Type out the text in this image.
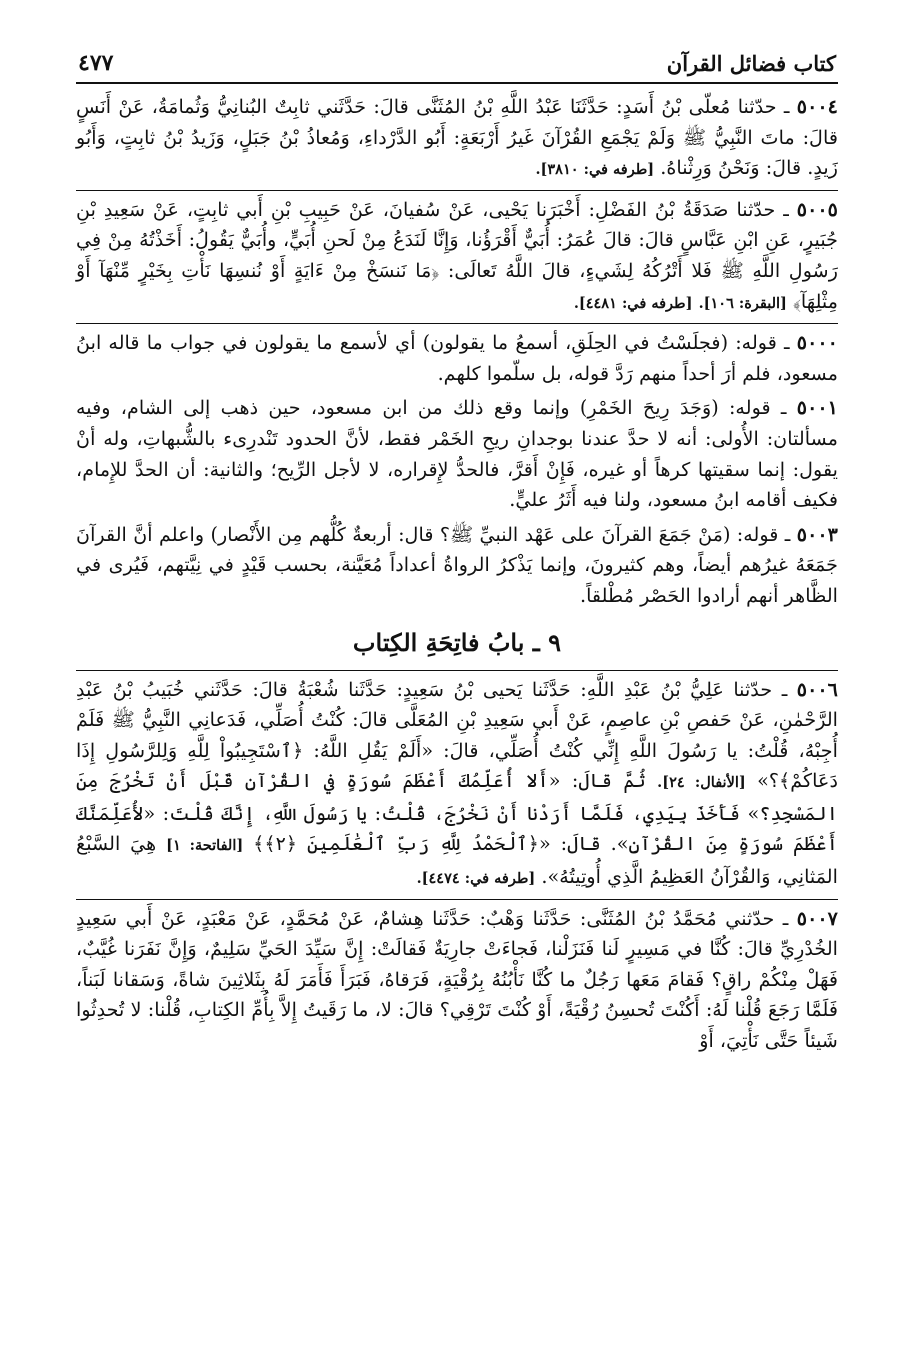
كتاب فضائل القرآن
٤٧٧

٥٠٠٤ ـ حدّثنا مُعلّى بْنُ أَسَدٍ: حَدَّثَنَا عَبْدُ اللَّهِ بْنُ المُثَنَّى قالَ: حَدَّثَني ثابِتٌ البُنانِيُّ وَثُمامَةُ، عَنْ أَنَسٍ قالَ: ماتَ النَّبِيُّ ﷺ وَلَمْ يَجْمَعِ القُرْآنَ غَيرُ أَرْبَعَةٍ: أَبُو الدَّرْداءِ، وَمُعاذُ بْنُ جَبَلٍ، وَزَيدُ بْنُ ثابِتٍ، وَأَبُو زَيدٍ. قالَ: وَنَحْنُ وَرِثْناهُ. [طرفه في: ٣٨١٠].

٥٠٠٥ ـ حدّثنا صَدَقَةُ بْنُ الفَضْلِ: أَخْبَرَنا يَحْيى، عَنْ سُفيانَ، عَنْ حَبِيبِ بْنِ أَبي ثابِتٍ، عَنْ سَعِيدِ بْنِ جُبَيرٍ، عَنِ ابْنِ عَبَّاسٍ قالَ: قالَ عُمَرُ: أُبَيٌّ أَقْرَؤُنا، وَإِنَّا لَنَدَعُ مِنْ لَحنِ أُبَيٍّ، وأُبَيٌّ يَقُولُ: أَخَذْتُهُ مِنْ فِي رَسُولِ اللَّهِ ﷺ فَلا أَتْرُكُهُ لِشَيءٍ، قالَ اللَّهُ تَعالَى: ﴿مَا نَنسَخْ مِنْ ءَايَةٍ أَوْ نُنسِهَا نَأْتِ بِخَيْرٍ مِّنْهَآ أَوْ مِثْلِهَآ﴾ [البقرة: ١٠٦]. [طرفه في: ٤٤٨١].

٥٠٠٠ ـ قوله: (فجلَسْتُ في الحِلَقِ، أسمعُ ما يقولون) أي لأسمع ما يقولون في جواب ما قاله ابنُ مسعود، فلم أرَ أحداً منهم رَدَّ قوله، بل سلّموا كلهم.

٥٠٠١ ـ قوله: (وَجَدَ رِيحَ الخَمْرِ) وإنما وقع ذلك من ابن مسعود، حين ذهب إلى الشام، وفيه مسألتان: الأُولى: أنه لا حدَّ عندنا بوجدانِ ريحِ الخَمْر فقط، لأنَّ الحدود تَنْدرِىء بالشُّبهاتِ، وله أنْ يقول: إنما سقيتها كرهاً أو غيره، فَإِنْ أَقرَّ، فالحدُّ لإِقراره، لا لأجل الرِّيح؛ والثانية: أن الحدَّ للإِمام، فكيف أقامه ابنُ مسعود، ولنا فيه أَثَرُ عليٍّ.

٥٠٠٣ ـ قوله: (مَنْ جَمَعَ القرآنَ على عَهْد النبيِّ ﷺ؟ قال: أربعةٌ كُلُّهم مِن الأَنْصار) واعلم أنَّ القرآنَ جَمَعَهُ غيرُهم أيضاً، وهم كثيرونَ، وإنما يَذْكرُ الرواةُ أعداداً مُعَيَّنة، بحسب قَيْدٍ في نِيَّتهم، فَيُرى في الظَّاهر أنهم أرادوا الحَصْر مُطْلقاً.

٩ ـ بابُ فاتِحَةِ الكِتاب

٥٠٠٦ ـ حدّثنا عَلِيُّ بْنُ عَبْدِ اللَّهِ: حَدَّثَنا يَحيى بْنُ سَعِيدٍ: حَدَّثَنا شُعْبَةُ قالَ: حَدَّثَني خُبَيبُ بْنُ عَبْدِ الرَّحْمٰنِ، عَنْ حَفصِ بْنِ عاصِمٍ، عَنْ أَبي سَعِيدِ بْنِ المُعَلَّى قالَ: كُنْتُ أُصَلِّي، فَدَعانِي النَّبِيُّ ﷺ فَلَمْ أُجِبْهُ، قُلْتُ: يا رَسُولَ اللَّهِ إِنِّي كُنْتُ أُصَلِّي، قالَ: «أَلَمْ يَقُلِ اللَّهُ: ﴿ٱسْتَجِيبُواْ لِلَّهِ وَلِلرَّسُولِ إِذَا دَعَاكُمْ﴾؟» [الأنفال: ٢٤]. ثُمَّ قالَ: «أَلا أُعَلِّمُكَ أَعْظَمَ سُورَةٍ في القُرْآنِ قَبْلَ أَنْ تَخْرُجَ مِنَ المَسْجِدِ؟» فَأَخَذَ بِيَدِي، فَلَمَّا أَرَدْنا أَنْ نَخْرُجَ، قُلْتُ: يا رَسُولَ اللَّهِ، إِنَّكَ قُلْتَ: «لأُعَلِّمَنَّكَ أَعْظَمَ سُورَةٍ مِنَ القُرْآنِ». قالَ: «﴿ٱلْحَمْدُ لِلَّهِ رَبِّ ٱلْعَٰلَمِينَ ﴿٢﴾﴾ [الفاتحة: ١] هِيَ السَّبْعُ المَثانِي، وَالقُرْآنُ العَظِيمُ الَّذِي أُوتِيتُهُ». [طرفه في: ٤٤٧٤].

٥٠٠٧ ـ حدّثني مُحَمَّدُ بْنُ المُثَنَّى: حَدَّثَنا وَهْبٌ: حَدَّثَنا هِشامٌ، عَنْ مُحَمَّدٍ، عَنْ مَعْبَدٍ، عَنْ أَبي سَعِيدٍ الخُدْرِيِّ قالَ: كُنَّا في مَسِيرٍ لَنا فَنَزَلْنا، فَجاءَتْ جارِيَةٌ فَقالَتْ: إِنَّ سَيِّدَ الحَيِّ سَلِيمٌ، وَإِنَّ نَفَرَنا غُيَّبٌ، فَهَلْ مِنْكُمْ راقٍ؟ فَقامَ مَعَها رَجُلٌ ما كُنَّا نَأْبُنُهُ بِرُقْيَةٍ، فَرَقاهُ، فَبَرَأَ فَأَمَرَ لَهُ بِثَلاثِينَ شاةً، وَسَقانا لَبَناً، فَلَمَّا رَجَعَ قُلْنا لَهُ: أَكُنْتَ تُحسِنُ رُقْيَةً، أَوْ كُنْتَ تَرْقِي؟ قالَ: لا، ما رَقَيتُ إِلاَّ بِأُمِّ الكِتابِ، قُلْنا: لا تُحدِثُوا شَيئاً حَتَّى نَأْتِيَ، أَوْ
